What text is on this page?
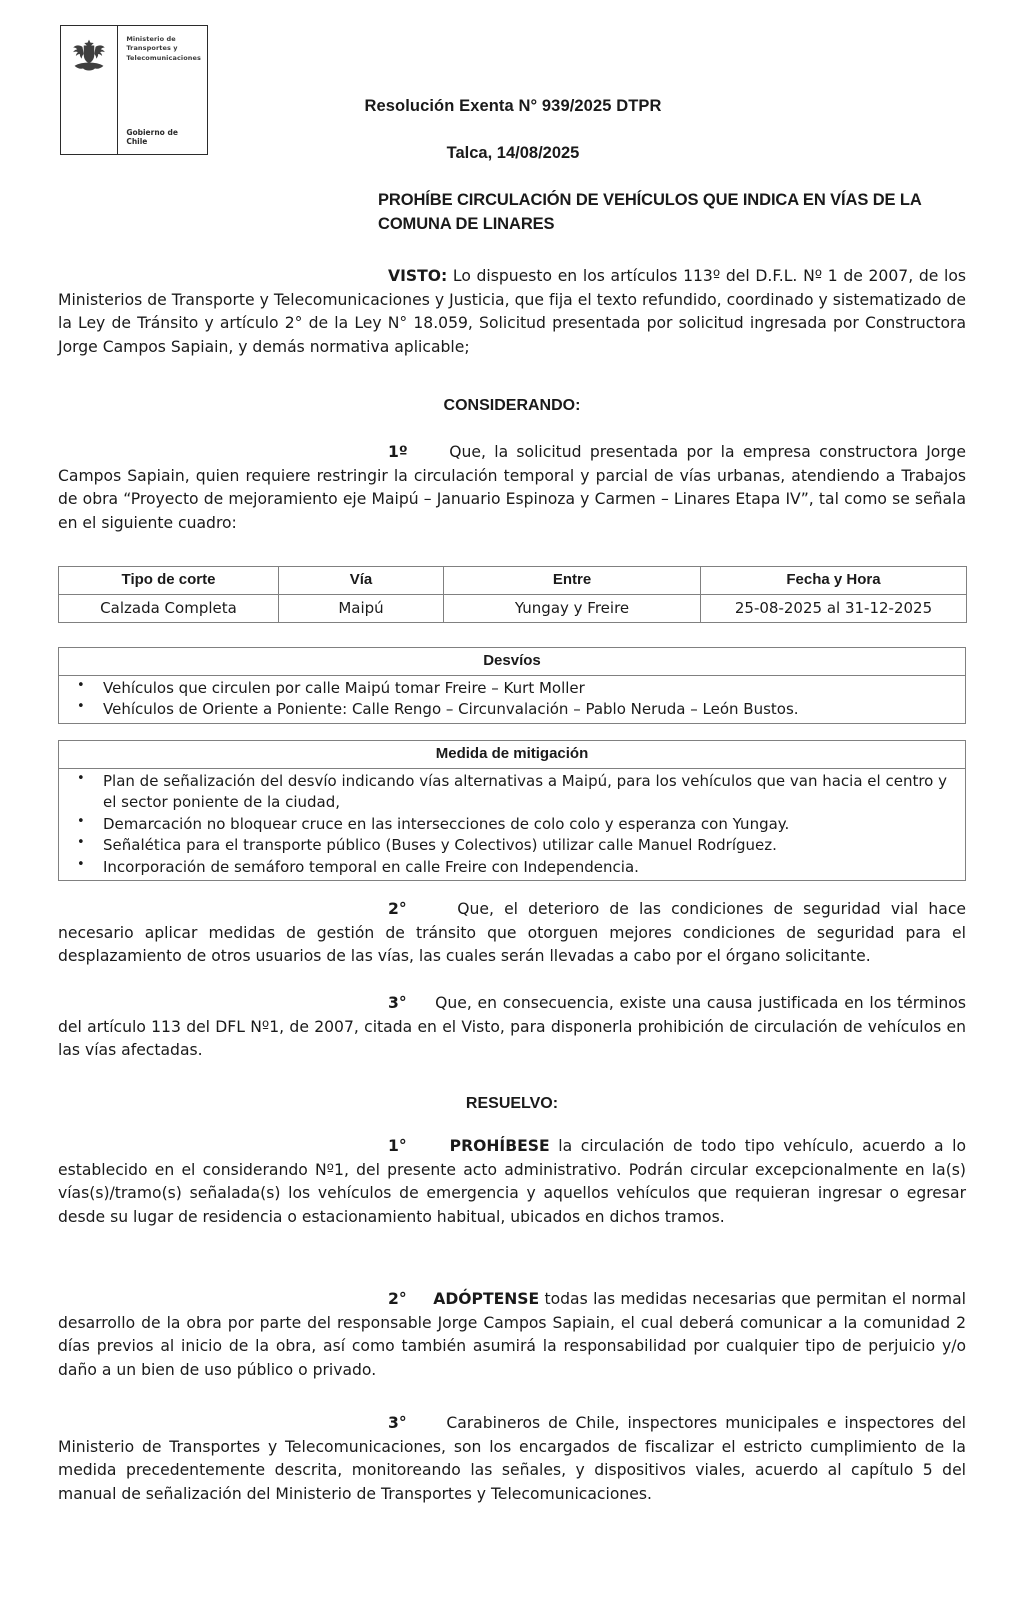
Ministerio de
Transportes y
Telecomunicaciones
Gobierno de Chile
Resolución Exenta N° 939/2025 DTPR
Talca, 14/08/2025
PROHÍBE CIRCULACIÓN DE VEHÍCULOS QUE INDICA EN VÍAS DE LA COMUNA DE LINARES

VISTO: Lo dispuesto en los artículos 113º del D.F.L. Nº 1 de 2007, de los Ministerios de Transporte y Telecomunicaciones y Justicia, que fija el texto refundido, coordinado y sistematizado de la Ley de Tránsito y artículo 2° de la Ley N° 18.059, Solicitud presentada por solicitud ingresada por Constructora Jorge Campos Sapiain, y demás normativa aplicable;

CONSIDERANDO:

1º	Que, la solicitud presentada por la empresa constructora Jorge Campos Sapiain, quien requiere restringir la circulación temporal y parcial de vías urbanas, atendiendo a Trabajos de obra “Proyecto de mejoramiento eje Maipú – Januario Espinoza y Carmen – Linares Etapa IV”, tal como se señala en el siguiente cuadro:

Tipo de corte	Vía	Entre	Fecha y Hora
Calzada Completa	Maipú	Yungay y Freire	25-08-2025 al 31-12-2025
Desvíos

• Vehículos que circulen por calle Maipú tomar Freire – Kurt Moller
• Vehículos de Oriente a Poniente: Calle Rengo – Circunvalación – Pablo Neruda – León Bustos.
Medida de mitigación

• Plan de señalización del desvío indicando vías alternativas a Maipú, para los vehículos que van hacia el centro y el sector poniente de la ciudad,
• Demarcación no bloquear cruce en las intersecciones de colo colo y esperanza con Yungay.
• Señalética para el transporte público (Buses y Colectivos) utilizar calle Manuel Rodríguez.
• Incorporación de semáforo temporal en calle Freire con Independencia.

2°	Que, el deterioro de las condiciones de seguridad vial hace necesario aplicar medidas de gestión de tránsito que otorguen mejores condiciones de seguridad para el desplazamiento de otros usuarios de las vías, las cuales serán llevadas a cabo por el órgano solicitante.

3° Que, en consecuencia, existe una causa justificada en los términos del artículo 113 del DFL Nº1, de 2007, citada en el Visto, para disponerla prohibición de circulación de vehículos en las vías afectadas.

RESUELVO:

1°	PROHÍBESE la circulación de todo tipo vehículo, acuerdo a lo establecido en el considerando Nº1, del presente acto administrativo. Podrán circular excepcionalmente en la(s) vías(s)/tramo(s) señalada(s) los vehículos de emergencia y aquellos vehículos que requieran ingresar o egresar desde su lugar de residencia o estacionamiento habitual, ubicados en dichos tramos.

2° ADÓPTENSE todas las medidas necesarias que permitan el normal desarrollo de la obra por parte del responsable Jorge Campos Sapiain, el cual deberá comunicar a la comunidad 2 días previos al inicio de la obra, así como también asumirá la responsabilidad por cualquier tipo de perjuicio y/o daño a un bien de uso público o privado.

3°	Carabineros de Chile, inspectores municipales e inspectores del Ministerio de Transportes y Telecomunicaciones, son los encargados de fiscalizar el estricto cumplimiento de la medida precedentemente descrita, monitoreando las señales, y dispositivos viales, acuerdo al capítulo 5 del manual de señalización del Ministerio de Transportes y Telecomunicaciones.
